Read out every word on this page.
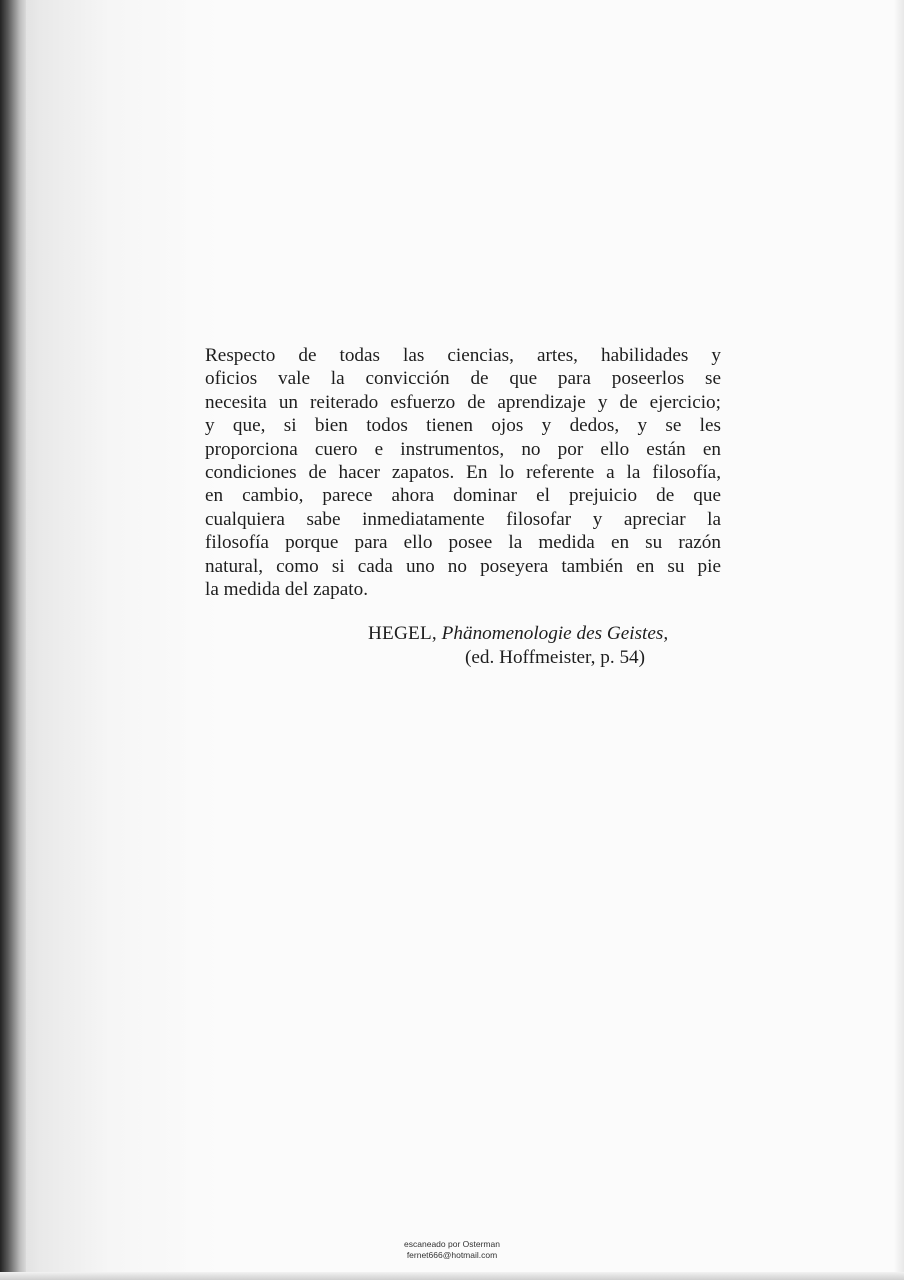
Respecto de todas las ciencias, artes, habilidades y
oficios vale la convicción de que para poseerlos se
necesita un reiterado esfuerzo de aprendizaje y de ejercicio;
y que, si bien todos tienen ojos y dedos, y se les
proporciona cuero e instrumentos, no por ello están en
condiciones de hacer zapatos. En lo referente a la filosofía,
en cambio, parece ahora dominar el prejuicio de que
cualquiera sabe inmediatamente filosofar y apreciar la
filosofía porque para ello posee la medida en su razón
natural, como si cada uno no poseyera también en su pie
la medida del zapato.
HEGEL, Phänomenologie des Geistes,
(ed. Hoffmeister, p. 54)
escaneado por Osterman
fernet666@hotmail.com
